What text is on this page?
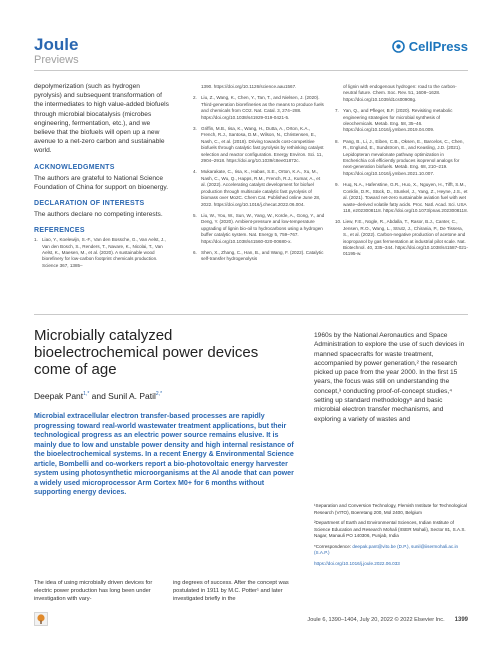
Joule
Previews
CellPress

depolymerization (such as hydrogen pyrolysis) and subsequent transformation of the intermediates to high value-added biofuels through microbial biocatalysis (microbes engineering, fermentation, etc.), and we believe that the biofuels will open up a new avenue to a net-zero carbon and sustainable world.

ACKNOWLEDGMENTS

The authors are grateful to National Science Foundation of China for support on bioenergy.

DECLARATION OF INTERESTS

The authors declare no competing interests.

REFERENCES
1. Liao, Y., Koelewijn, S.-F., Van den Bossche, G., Van Aelst, J., Van den Bosch, S., Renders, T., Navare, K., Nicolai, T., Van Aelst, K., Maesen, M., et al. (2020). A sustainable wood biorefinery for low-carbon footprint chemicals production. Science 367, 1385–
1390. https://doi.org/10.1126/science.aau1567.
2. Liu, Z., Wang, K., Chen, Y., Tan, T., and Nielsen, J. (2020). Third-generation biorefineries as the means to produce fuels and chemicals from CO2. Nat. Catal. 3, 274–288. https://doi.org/10.1038/s41929-019-0421-5.
3. Griffin, M.B., Iisa, K., Wang, H., Dutta, A., Orton, K.A., French, R.J., Santosa, D.M., Wilson, N., Christensen, E., Nash, C., et al. (2018). Driving towards cost-competitive biofuels through catalytic fast pyrolysis by rethinking catalyst selection and reactor configuration. Energy Environ. Sci. 11, 2904–2918. https://doi.org/10.1039/c8ee01872c.
4. Mukarakate, C., Iisa, K., Habas, S.E., Orton, K.A., Xu, M., Nash, C., Wu, Q., Happs, R.M., French, R.J., Kumar, A., et al. (2022). Accelerating catalyst development for biofuel production through multiscale catalytic fast pyrolysis of biomass over Mo2C. Chem Cat. Published online June 28, 2022. https://doi.org/10.1016/j.checat.2022.06.004.
5. Liu, W., You, W., Sun, W., Yang, W., Korde, A., Gong, Y., and Deng, Y. (2020). Ambient-pressure and low-temperature upgrading of lignin bio-oil to hydrocarbons using a hydrogen buffer catalytic system. Nat. Energy 5, 759–767. https://doi.org/10.1038/s41560-020-00680-x.
6. Shen, X., Zhang, C., Han, B., and Wang, F. (2022). Catalytic self-transfer hydrogenolysis
of lignin with endogenous hydrogen: road to the carbon-neutral future. Chem. Soc. Rev. 51, 1608–1628. https://doi.org/10.1039/d1cs00908g.
7. Yan, Q., and Pfleger, B.F. (2020). Revisiting metabolic engineering strategies for microbial synthesis of oleochemicals. Metab. Eng. 58, 35–46. https://doi.org/10.1016/j.ymben.2019.04.009.
8. Pang, B., Li, J., Eiben, C.B., Oksen, E., Barcelos, C., Chen, R., Englund, E., Sundstrom, E., and Keasling, J.D. (2021). Lepidopteran mevalonate pathway optimization in Escherichia coli efficiently produces isoprenol analogs for next-generation biofuels. Metab. Eng. 68, 210–219. https://doi.org/10.1016/j.ymben.2021.10.007.
9. Huq, N.A., Hafenstine, G.R., Huo, X., Nguyen, H., Tifft, S.M., Conklin, D.R., Stück, D., Stunkel, J., Yang, Z., Heyne, J.S., et al. (2021). Toward net-zero sustainable aviation fuel with wet waste–derived volatile fatty acids. Proc. Natl. Acad. Sci. USA 118, e2023008118. https://doi.org/10.1073/pnas.2023008118.
10. Liew, F.E., Nogle, R., Abdalla, T., Rasor, B.J., Canter, C., Jensen, R.O., Wang, L., Strutz, J., Chirania, P., De Tissera, S., et al. (2022). Carbon-negative production of acetone and isopropanol by gas fermentation at industrial pilot scale. Nat. Biotechnol. 40, 335–344. https://doi.org/10.1038/s41587-021-01195-w.
Microbially catalyzed bioelectrochemical power devices come of age
Deepak Pant$^{1,*}$ and Sunil A. Patil$^{2,*}$

Microbial extracellular electron transfer-based processes are rapidly progressing toward real-world wastewater treatment applications, but their technological progress as an electric power source remains elusive. It is mainly due to low and unstable power density and high internal resistance of the bioelectrochemical systems. In a recent Energy & Environmental Science article, Bombelli and co-workers report a bio-photovoltaic energy harvester system using photosynthetic microorganisms at the Al anode that can power a widely used microprocessor Arm Cortex M0+ for 6 months without supporting energy devices.

The idea of using microbially driven devices for electric power production has long been under investigation with vary-

ing degrees of success. After the concept was postulated in 1911 by M.C. Potter¹ and later investigated briefly in the

1960s by the National Aeronautics and Space Administration to explore the use of such devices in manned spacecrafts for waste treatment, accompanied by power generation,² the research picked up pace from the year 2000. In the first 15 years, the focus was still on understanding the concept,³ conducting proof-of-concept studies,⁴ setting up standard methodology⁵ and basic microbial electron transfer mechanisms, and exploring a variety of wastes and

¹Separation and Conversion Technology, Flemish Institute for Technological Research (VITO), Boeretang 200, Mol 2400, Belgium

²Department of Earth and Environmental Sciences, Indian Institute of Science Education and Research Mohali (IISER Mohali), Sector 81, S.A.S. Nagar, Manauli PO 140306, Punjab, India

*Correspondence: deepak.pant@vito.be (D.P.), sunil@iisermohali.ac.in (S.A.P.)

https://doi.org/10.1016/j.joule.2022.06.033

Joule 6, 1390–1404, July 20, 2022 © 2022 Elsevier Inc. 1399
